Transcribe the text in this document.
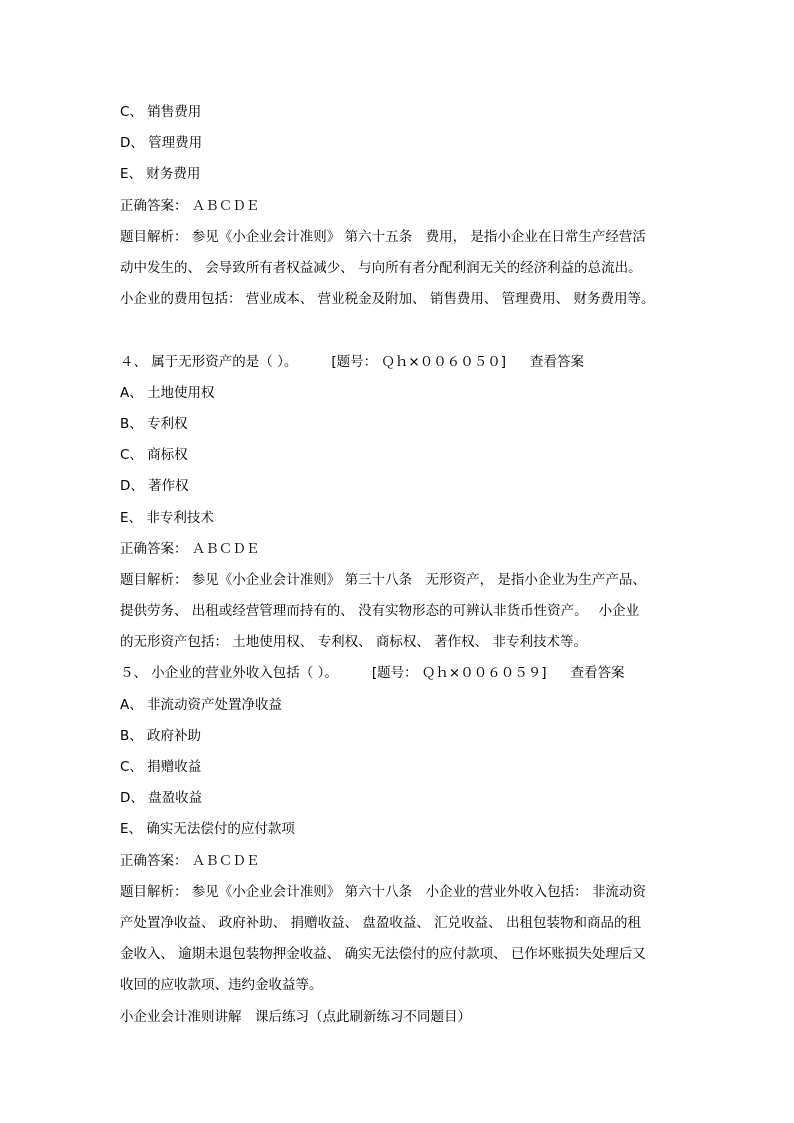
C、 销售费用
D、 管理费用
E、 财务费用
正确答案： ＡＢＣＤＥ
题目解析： 参见《小企业会计准则》 第六十五条　费用， 是指小企业在日常生产经营活
动中发生的、 会导致所有者权益减少、 与向所有者分配利润无关的经济利益的总流出。
小企业的费用包括： 营业成本、 营业税金及附加、 销售费用、 管理费用、 财务费用等。
４、 属于无形资产的是（ ）。	[题号： Ｑｈ×００６０５０] 查看答案
A、 土地使用权
B、 专利权
C、 商标权
D、 著作权
E、 非专利技术
正确答案： ＡＢＣＤＥ
题目解析： 参见《小企业会计准则》 第三十八条　无形资产， 是指小企业为生产产品、
提供劳务、 出租或经营管理而持有的、 没有实物形态的可辨认非货币性资产。　 小企业
的无形资产包括： 土地使用权、 专利权、 商标权、 著作权、 非专利技术等。
５、 小企业的营业外收入包括（ ）。	[题号： Ｑｈ×００６０５９] 查看答案
A、 非流动资产处置净收益
B、 政府补助
C、 捐赠收益
D、 盘盈收益
E、 确实无法偿付的应付款项
正确答案： ＡＢＣＤＥ
题目解析： 参见《小企业会计准则》 第六十八条　小企业的营业外收入包括： 非流动资
产处置净收益、 政府补助、 捐赠收益、 盘盈收益、 汇兑收益、 出租包装物和商品的租
金收入、 逾期未退包装物押金收益、 确实无法偿付的应付款项、 已作坏账损失处理后又
收回的应收款项、违约金收益等。
小企业会计准则讲解　课后练习（点此刷新练习不同题目）
